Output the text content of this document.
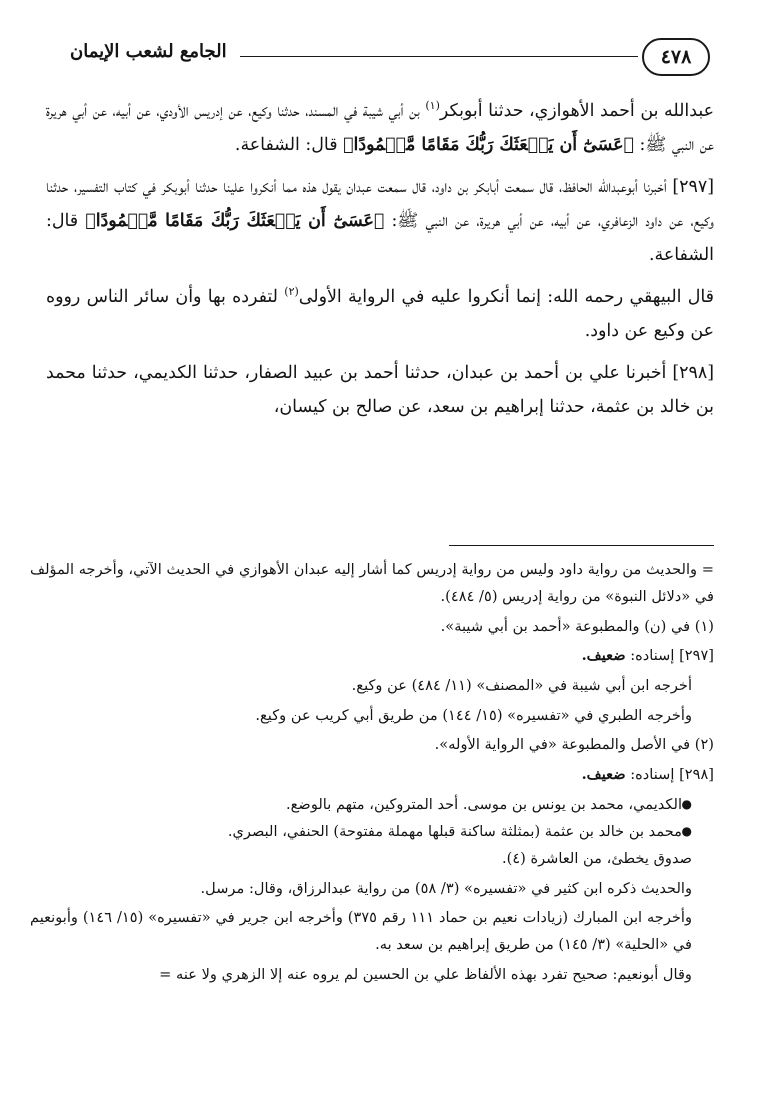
٤٧٨
الجامع لشعب الإيمان

عبدالله بن أحمد الأهوازي، حدثنا أبوبكر$^{(١)}$ بن أبي شيبة في المسند، حدثنا وكيع، عن إدريس الأودي، عن أبيه، عن أبي هريرة عن النبي ﷺ: ﴿عَسَىٰٓ أَن يَبۡعَثَكَ رَبُّكَ مَقَامًا مَّحۡمُودًا﴾ قال: الشفاعة.

[٢٩٧] أخبرنا أبوعبدالله الحافظ، قال سمعت أبابكر بن داود، قال سمعت عبدان يقول هذه مما أنكروا علينا حدثنا أبوبكر في كتاب التفسير، حدثنا وكيع، عن داود الزعافري، عن أبيه، عن أبي هريرة، عن النبي ﷺ: ﴿عَسَىٰٓ أَن يَبۡعَثَكَ رَبُّكَ مَقَامًا مَّحۡمُودًا﴾ قال: الشفاعة.

قال البيهقي رحمه الله: إنما أنكروا عليه في الرواية الأولى$^{(٢)}$ لتفرده بها وأن سائر الناس رووه عن وكيع عن داود.

[٢٩٨] أخبرنا علي بن أحمد بن عبدان، حدثنا أحمد بن عبيد الصفار، حدثنا الكديمي، حدثنا محمد بن خالد بن عثمة، حدثنا إبراهيم بن سعد، عن صالح بن كيسان،

= والحديث من رواية داود وليس من رواية إدريس كما أشار إليه عبدان الأهوازي في الحديث الآتي، وأخرجه المؤلف في «دلائل النبوة» من رواية إدريس (٥/ ٤٨٤).

(١) في (ن) والمطبوعة «أحمد بن أبي شيبة».

[٢٩٧] إسناده: ضعيف.

أخرجه ابن أبي شيبة في «المصنف» (١١/ ٤٨٤) عن وكيع.

وأخرجه الطبري في «تفسيره» (١٥/ ١٤٤) من طريق أبي كريب عن وكيع.

(٢) في الأصل والمطبوعة «في الرواية الأوله».

[٢٩٨] إسناده: ضعيف.

●
الكديمي، محمد بن يونس بن موسى. أحد المتروكين، متهم بالوضع.

●
محمد بن خالد بن عثمة (بمثلثة ساكنة قبلها مهملة مفتوحة) الحنفي، البصري.

صدوق يخطئ، من العاشرة (٤).

والحديث ذكره ابن كثير في «تفسيره» (٣/ ٥٨) من رواية عبدالرزاق، وقال: مرسل.

وأخرجه ابن المبارك (زيادات نعيم بن حماد ١١١ رقم ٣٧٥) وأخرجه ابن جرير في «تفسيره» (١٥/ ١٤٦) وأبونعيم في «الحلية» (٣/ ١٤٥) من طريق إبراهيم بن سعد به.

وقال أبونعيم: صحيح تفرد بهذه الألفاظ علي بن الحسين لم يروه عنه إلا الزهري ولا عنه =
